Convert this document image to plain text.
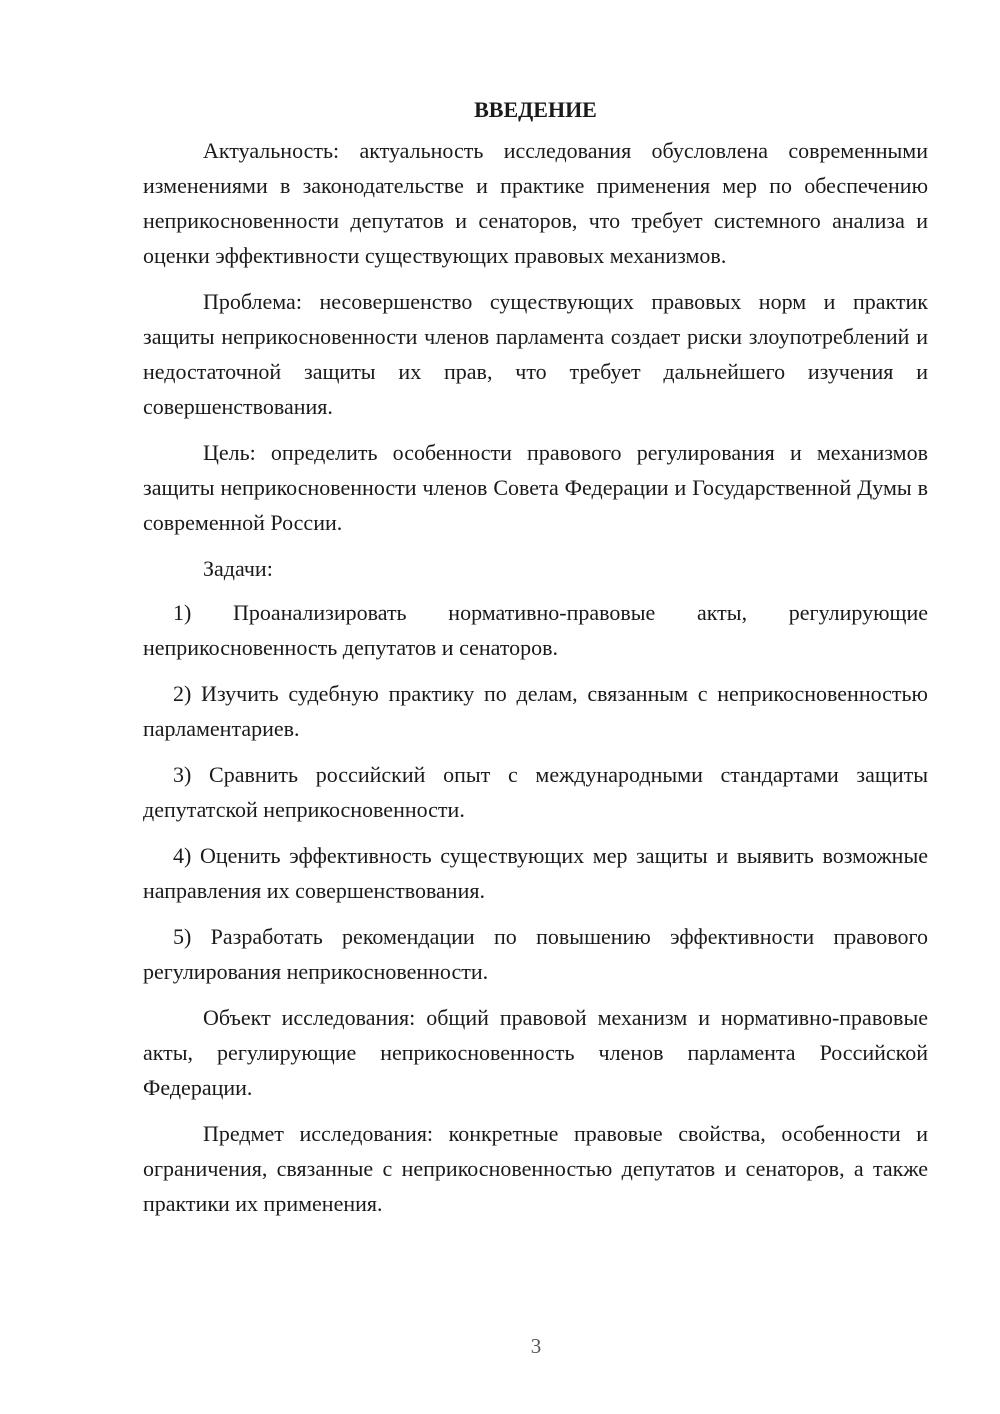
ВВЕДЕНИЕ

Актуальность: актуальность исследования обусловлена современными изменениями в законодательстве и практике применения мер по обеспечению неприкосновенности депутатов и сенаторов, что требует системного анализа и оценки эффективности существующих правовых механизмов.

Проблема: несовершенство существующих правовых норм и практик защиты неприкосновенности членов парламента создает риски злоупотреблений и недостаточной защиты их прав, что требует дальнейшего изучения и совершенствования.

Цель: определить особенности правового регулирования и механизмов защиты неприкосновенности членов Совета Федерации и Государственной Думы в современной России.

Задачи:

1) Проанализировать нормативно-правовые акты, регулирующие неприкосновенность депутатов и сенаторов.

2) Изучить судебную практику по делам, связанным с неприкосновенностью парламентариев.

3) Сравнить российский опыт с международными стандартами защиты депутатской неприкосновенности.

4) Оценить эффективность существующих мер защиты и выявить возможные направления их совершенствования.

5) Разработать рекомендации по повышению эффективности правового регулирования неприкосновенности.

Объект исследования: общий правовой механизм и нормативно-правовые акты, регулирующие неприкосновенность членов парламента Российской Федерации.

Предмет исследования: конкретные правовые свойства, особенности и ограничения, связанные с неприкосновенностью депутатов и сенаторов, а также практики их применения.

3
